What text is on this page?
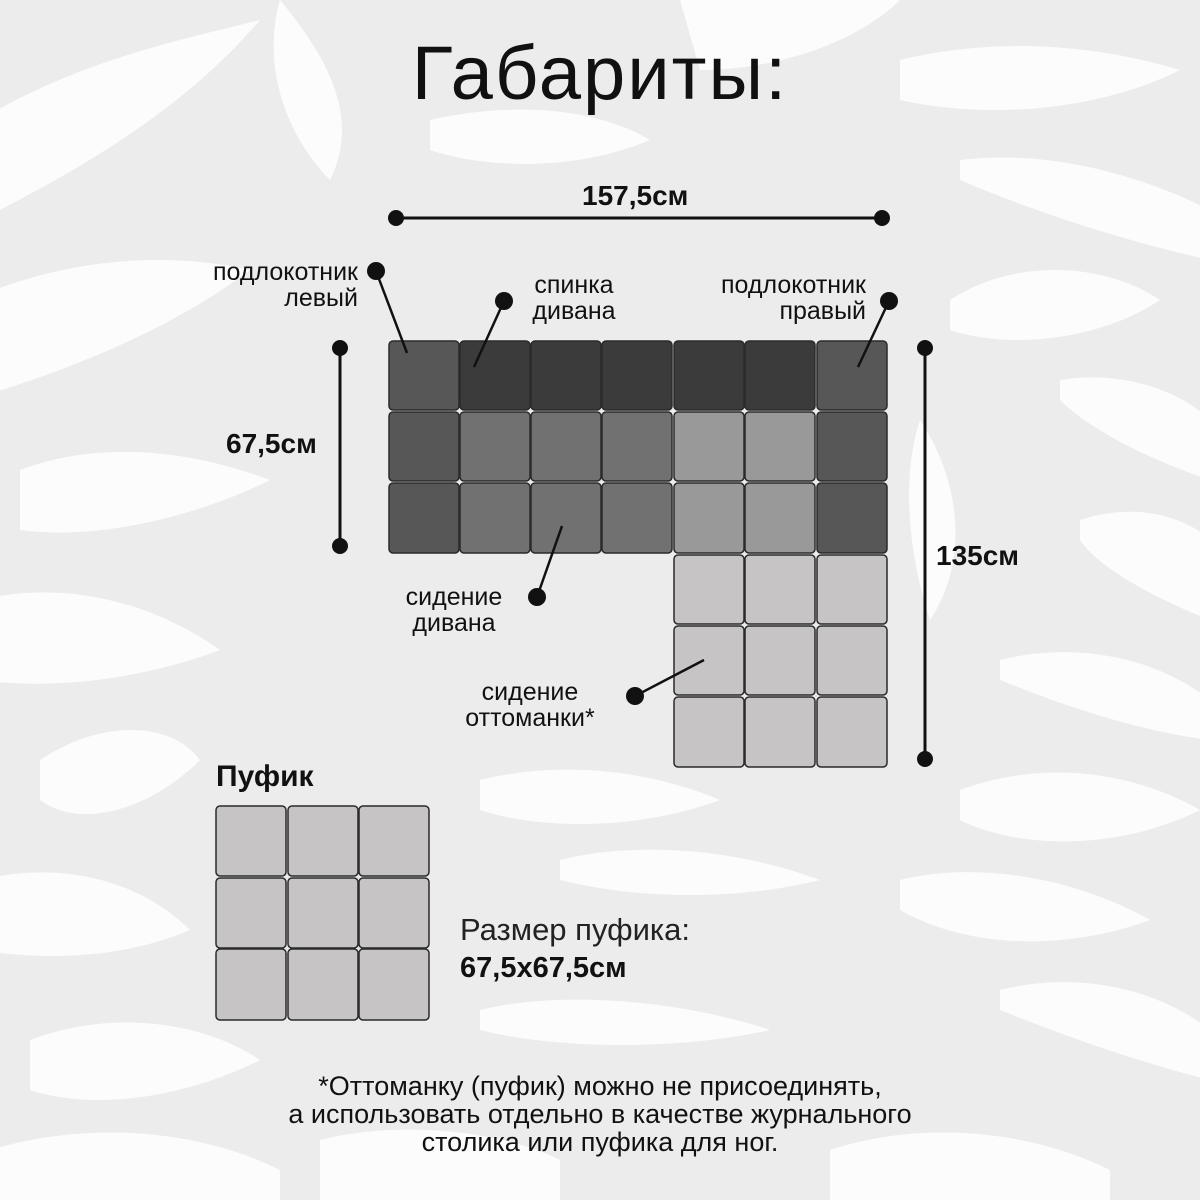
Габариты:
157,5см
67,5см
135см
подлокотник
левый	спинка
дивана
подлокотник
правый
сидение
дивана
сидение
оттоманки*
Пуфик
Размер пуфика:
67,5x67,5см
*Оттоманку (пуфик) можно не присоединять,
а использовать отдельно в качестве журнального
столика или пуфика для ног.
